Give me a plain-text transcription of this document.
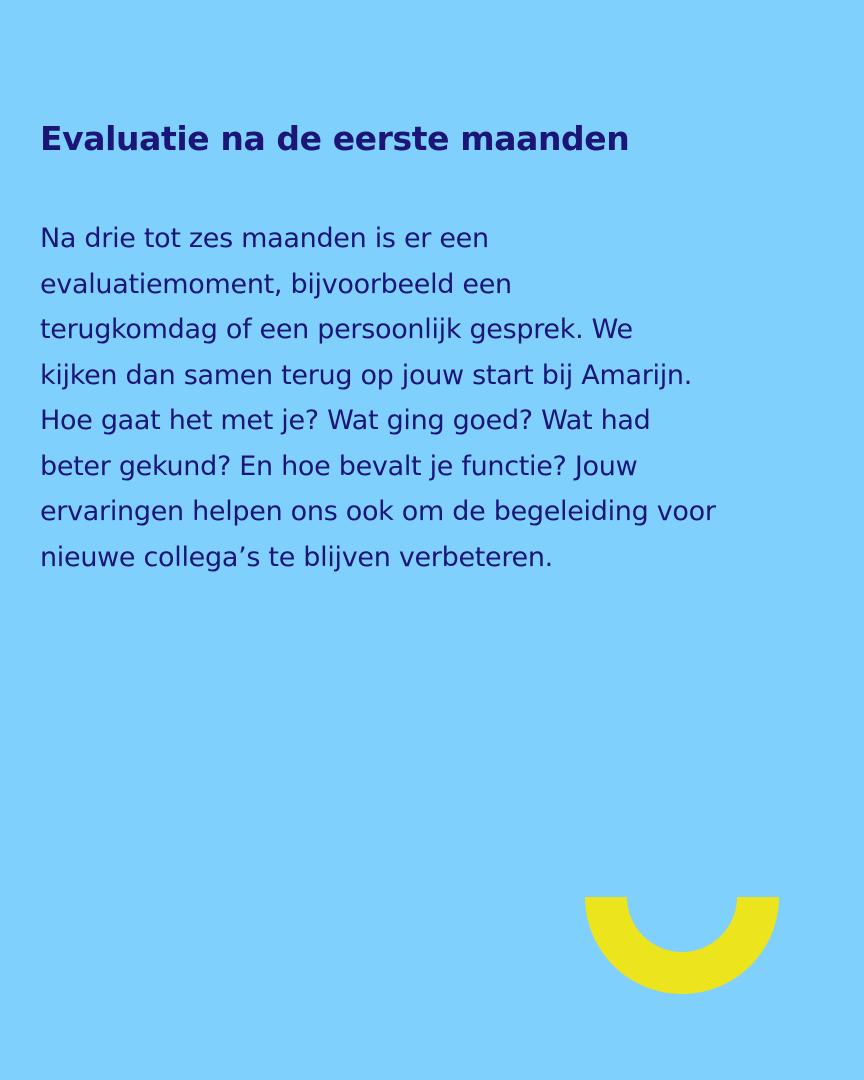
Evaluatie na de eerste maanden

Na drie tot zes maanden is er een
evaluatiemoment, bijvoorbeeld een
terugkomdag of een persoonlijk gesprek. We
kijken dan samen terug op jouw start bij Amarijn.
Hoe gaat het met je? Wat ging goed? Wat had
beter gekund? En hoe bevalt je functie? Jouw
ervaringen helpen ons ook om de begeleiding voor
nieuwe collega’s te blijven verbeteren.
